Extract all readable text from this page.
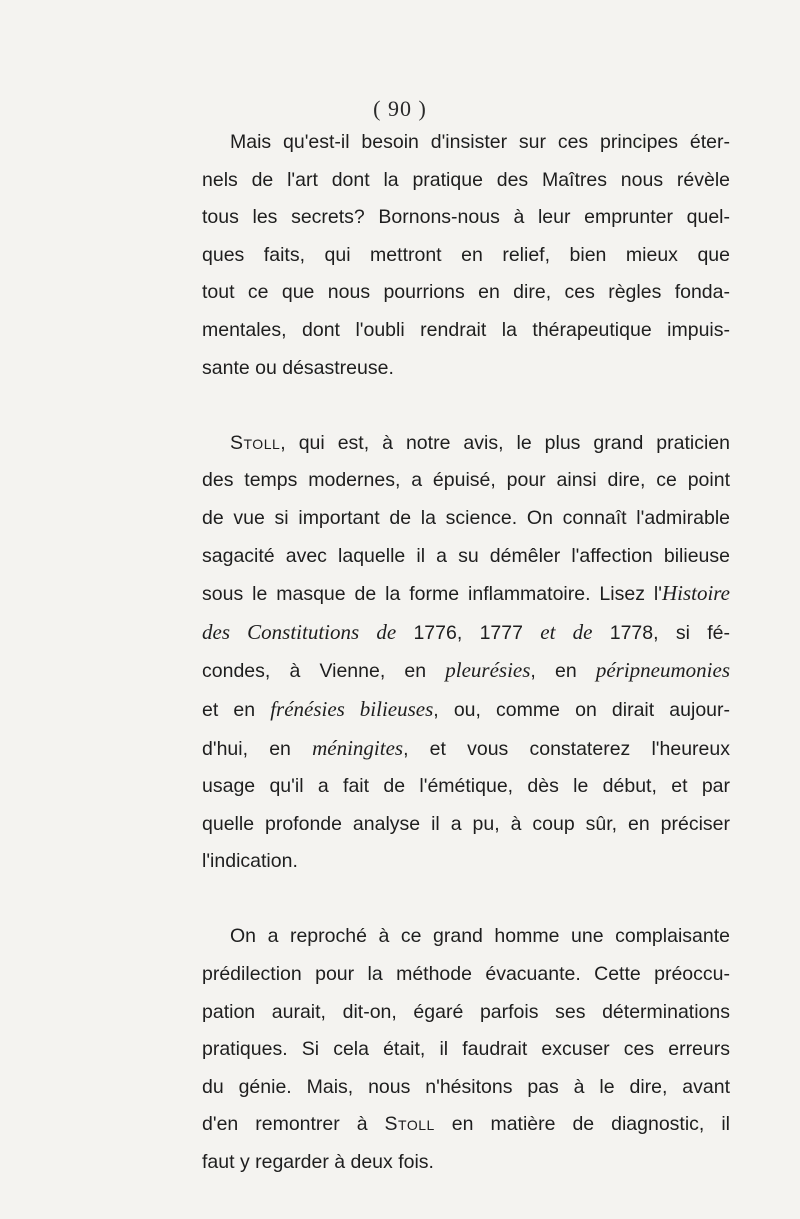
( 90 )
Mais qu'est-il besoin d'insister sur ces principes éter-
nels de l'art dont la pratique des Maîtres nous révèle
tous les secrets? Bornons-nous à leur emprunter quel-
ques faits, qui mettront en relief, bien mieux que
tout ce que nous pourrions en dire, ces règles fonda-
mentales, dont l'oubli rendrait la thérapeutique impuis-
sante ou désastreuse.
Stoll, qui est, à notre avis, le plus grand praticien
des temps modernes, a épuisé, pour ainsi dire, ce point
de vue si important de la science. On connaît l'admirable
sagacité avec laquelle il a su démêler l'affection bilieuse
sous le masque de la forme inflammatoire. Lisez l'Histoire
des Constitutions de 1776, 1777 et de 1778, si fé-
condes, à Vienne, en pleurésies, en péripneumonies
et en frénésies bilieuses, ou, comme on dirait aujour-
d'hui, en méningites, et vous constaterez l'heureux
usage qu'il a fait de l'émétique, dès le début, et par
quelle profonde analyse il a pu, à coup sûr, en préciser
l'indication.
On a reproché à ce grand homme une complaisante
prédilection pour la méthode évacuante. Cette préoccu-
pation aurait, dit-on, égaré parfois ses déterminations
pratiques. Si cela était, il faudrait excuser ces erreurs
du génie. Mais, nous n'hésitons pas à le dire, avant
d'en remontrer à Stoll en matière de diagnostic, il
faut y regarder à deux fois.
